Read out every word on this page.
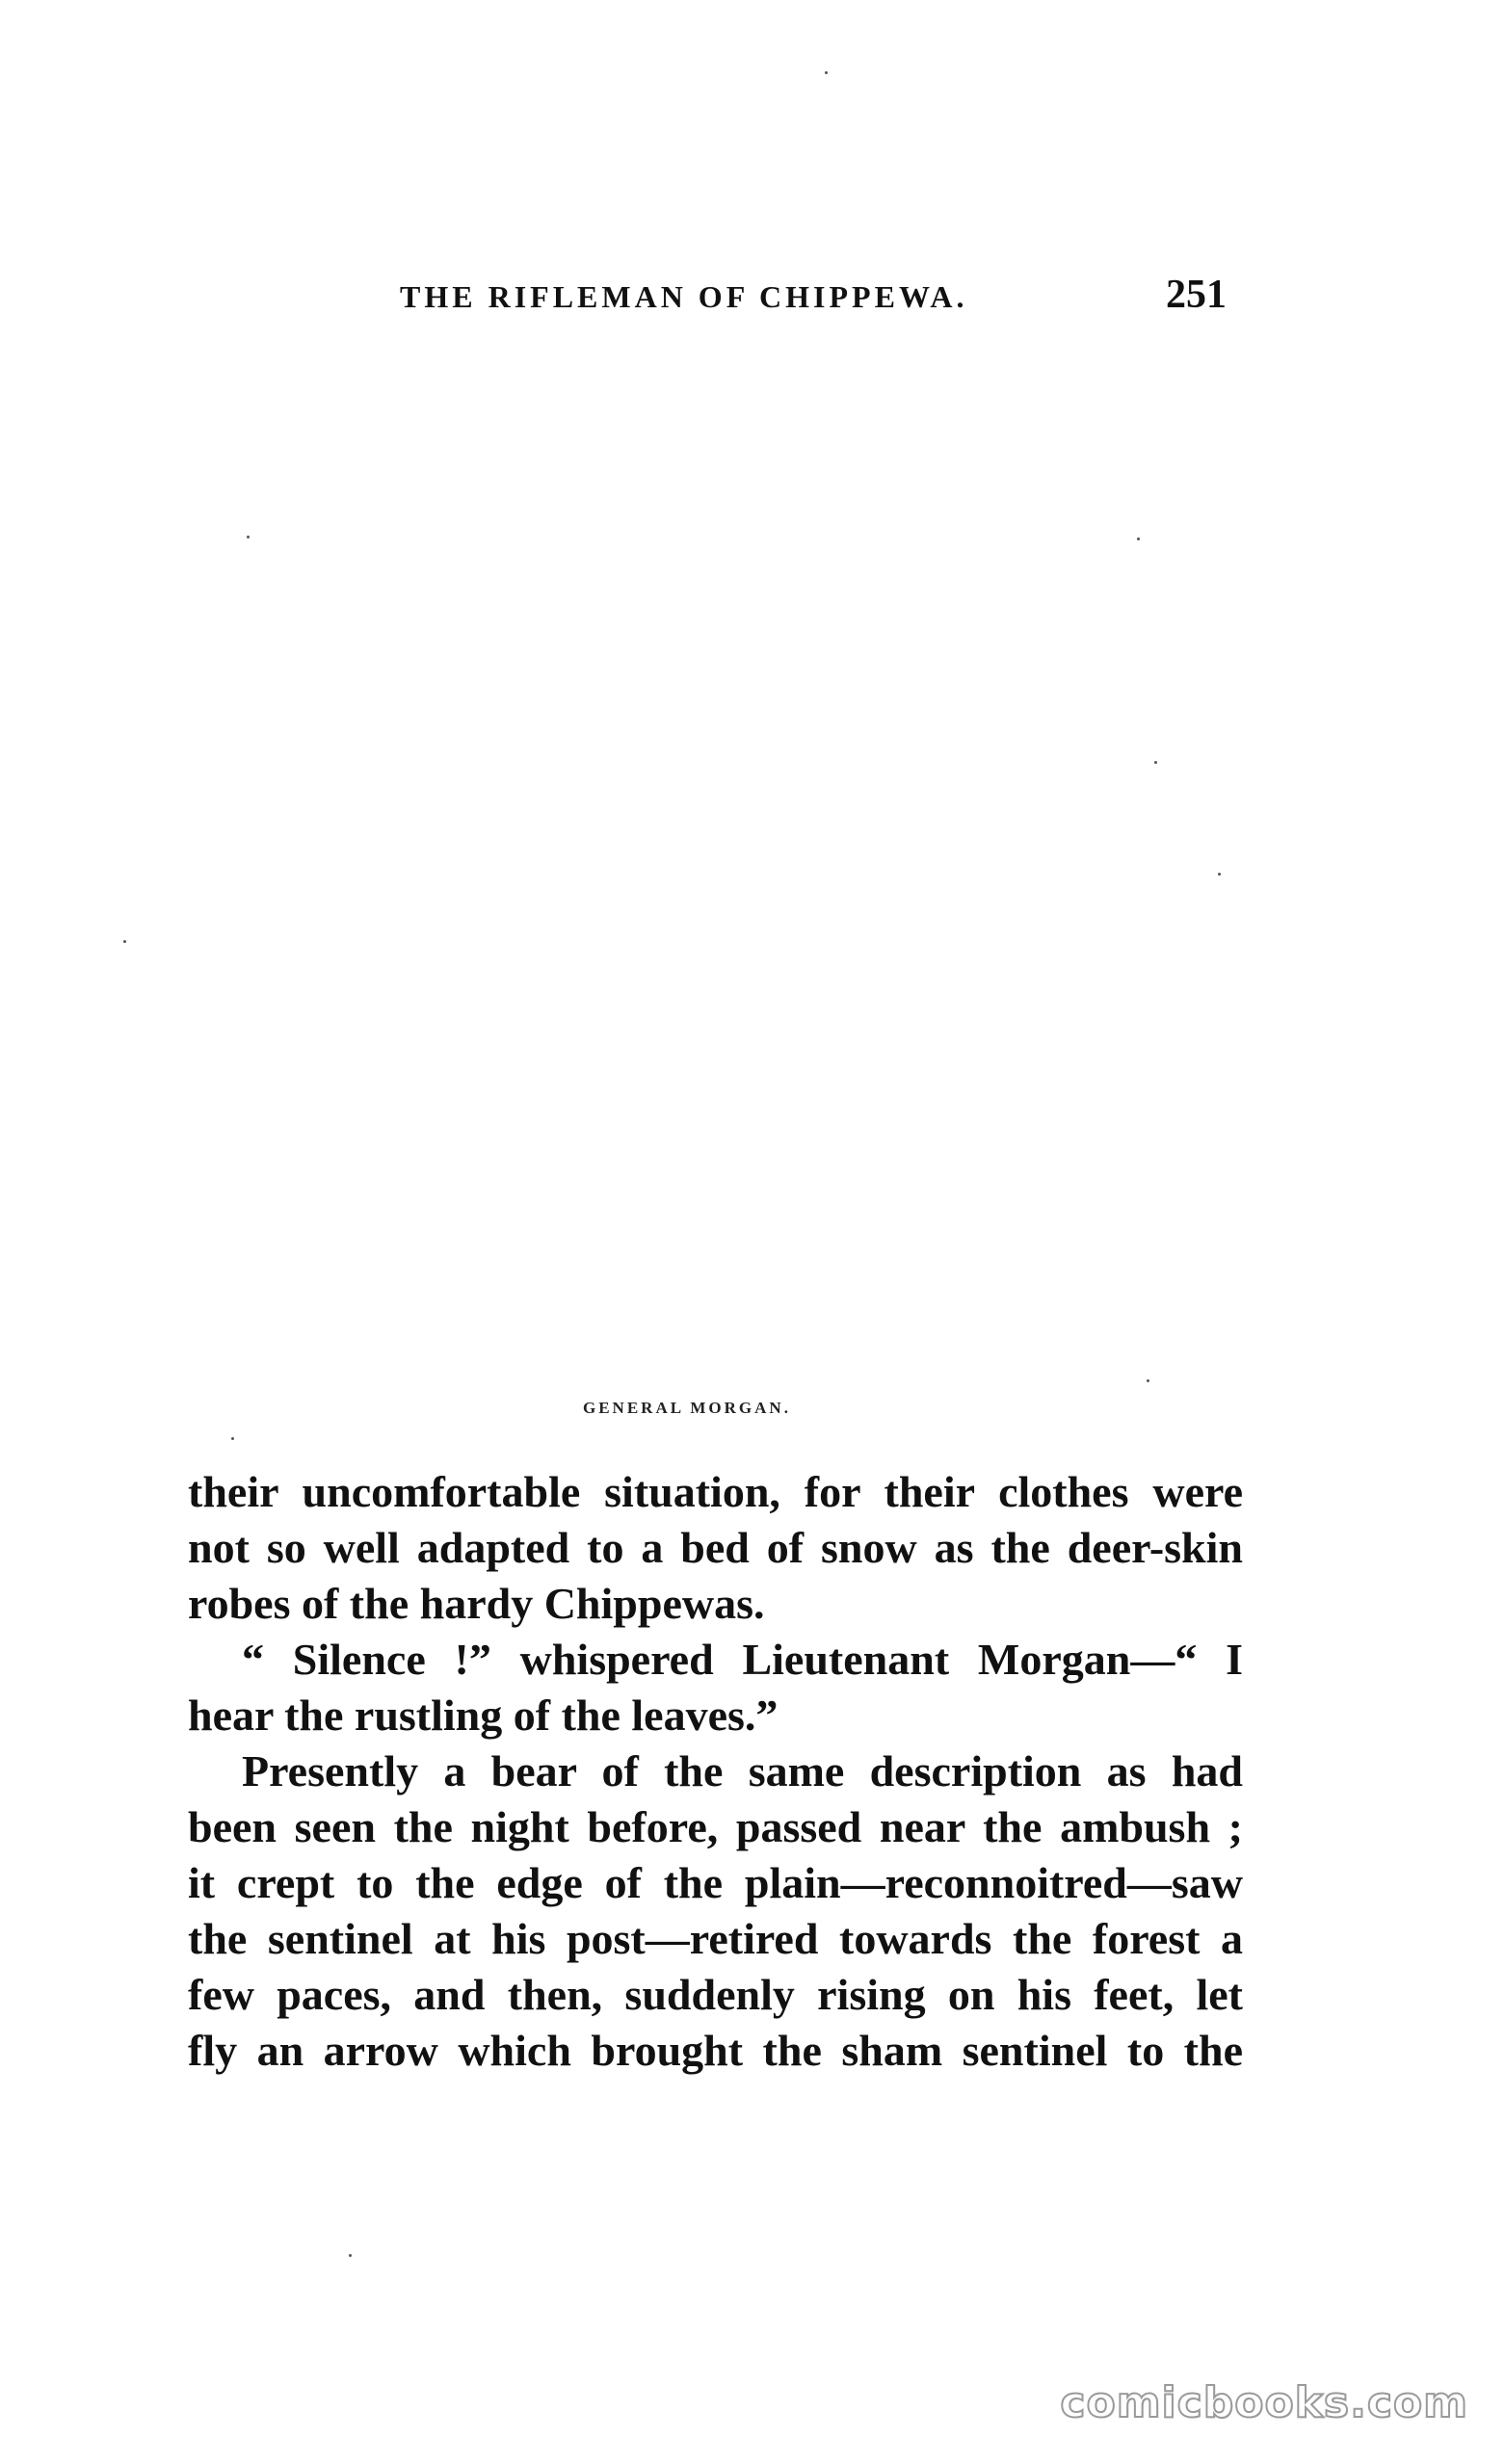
THE RIFLEMAN OF CHIPPEWA.	251
GENERAL MORGAN.
their uncomfortable situation, for their clothes were
not so well adapted to a bed of snow as the deer-skin
robes of the hardy Chippewas.
“ Silence !” whispered Lieutenant Morgan—“ I
hear the rustling of the leaves.”
Presently a bear of the same description as had
been seen the night before, passed near the ambush ;
it crept to the edge of the plain—reconnoitred—saw
the sentinel at his post—retired towards the forest a
few paces, and then, suddenly rising on his feet, let
fly an arrow which brought the sham sentinel to the
comicbooks.com
